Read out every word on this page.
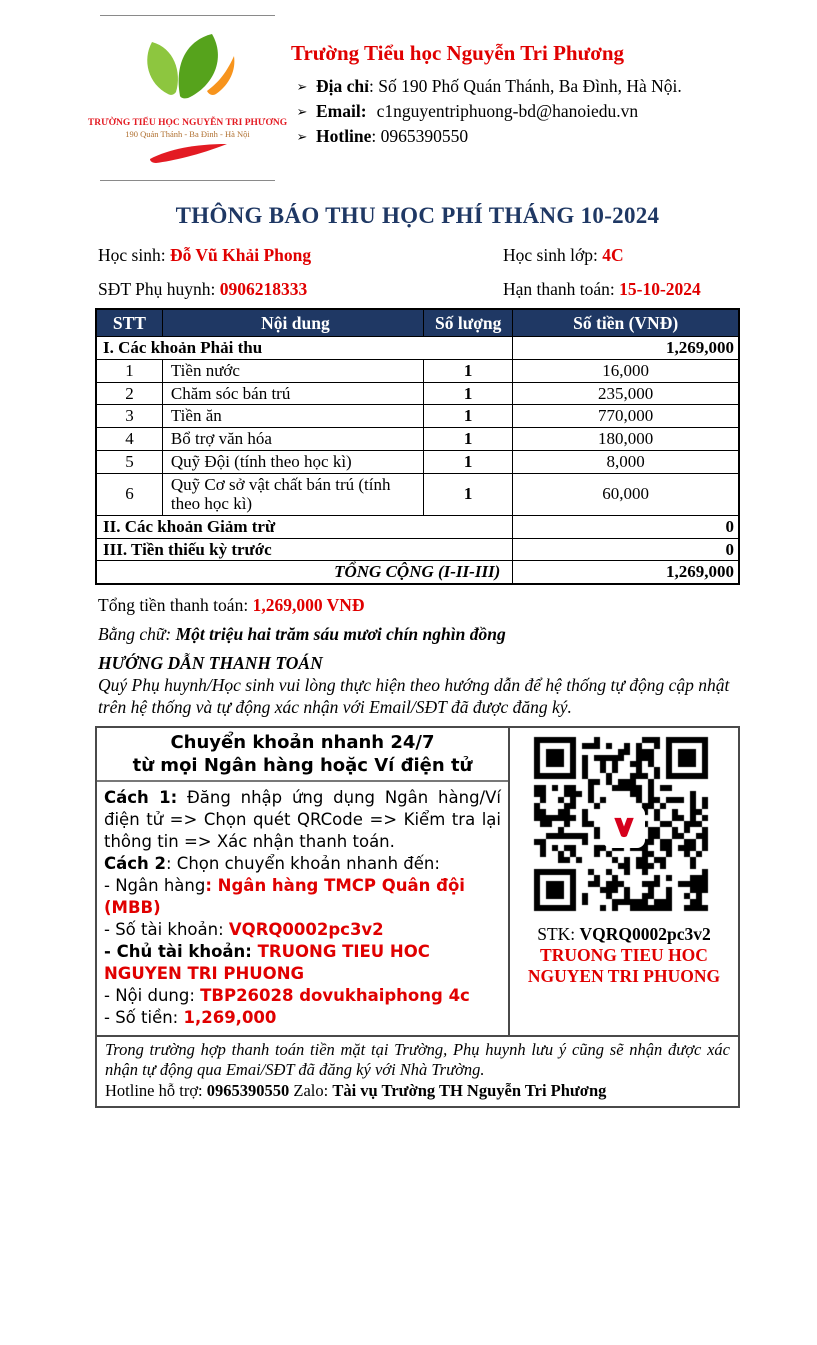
TRƯỜNG TIỂU HỌC NGUYỄN TRI PHƯƠNG
190 Quán Thánh - Ba Đình - Hà Nội
Trường Tiểu học Nguyễn Tri Phương
➢ Địa chỉ: Số 190 Phố Quán Thánh, Ba Đình, Hà Nội.
➢ Email: c1nguyentriphuong-bd@hanoiedu.vn
➢ Hotline: 0965390550
THÔNG BÁO THU HỌC PHÍ THÁNG 10-2024
Học sinh: Đỗ Vũ Khải Phong	Học sinh lớp: 4C
SĐT Phụ huynh: 0906218333	Hạn thanh toán: 15-10-2024
STT	Nội dung	Số lượng	Số tiền (VNĐ)
I. Các khoản Phải thu			1,269,000
1	Tiền nước	1	16,000
2	Chăm sóc bán trú	1	235,000
3	Tiền ăn	1	770,000
4	Bổ trợ văn hóa	1	180,000
5	Quỹ Đội (tính theo học kì)	1	8,000
6	Quỹ Cơ sở vật chất bán trú (tính theo học kì)	1	60,000
II. Các khoản Giảm trừ			0
III. Tiền thiếu kỳ trước			0
TỔNG CỘNG (I-II-III)			1,269,000
Tổng tiền thanh toán: 1,269,000 VNĐ
Bằng chữ: Một triệu hai trăm sáu mươi chín nghìn đồng
HƯỚNG DẪN THANH TOÁN
Quý Phụ huynh/Học sinh vui lòng thực hiện theo hướng dẫn để hệ thống tự động cập nhật trên hệ thống và tự động xác nhận với Email/SĐT đã được đăng ký.
Chuyển khoản nhanh 24/7
từ mọi Ngân hàng hoặc Ví điện tử
Cách 1: Đăng nhập ứng dụng Ngân hàng/Ví điện tử => Chọn quét QRCode => Kiểm tra lại thông tin => Xác nhận thanh toán.
Cách 2: Chọn chuyển khoản nhanh đến:
- Ngân hàng: Ngân hàng TMCP Quân đội (MBB)
- Số tài khoản: VQRQ0002pc3v2
- Chủ tài khoản: TRUONG TIEU HOC NGUYEN TRI PHUONG
- Nội dung: TBP26028 dovukhaiphong 4c
- Số tiền: 1,269,000
STK: VQRQ0002pc3v2
TRUONG TIEU HOC
NGUYEN TRI PHUONG
Trong trường hợp thanh toán tiền mặt tại Trường, Phụ huynh lưu ý cũng sẽ nhận được xác nhận tự động qua Emai/SĐT đã đăng ký với Nhà Trường.
Hotline hỗ trợ: 0965390550 Zalo: Tài vụ Trường TH Nguyễn Tri Phương
